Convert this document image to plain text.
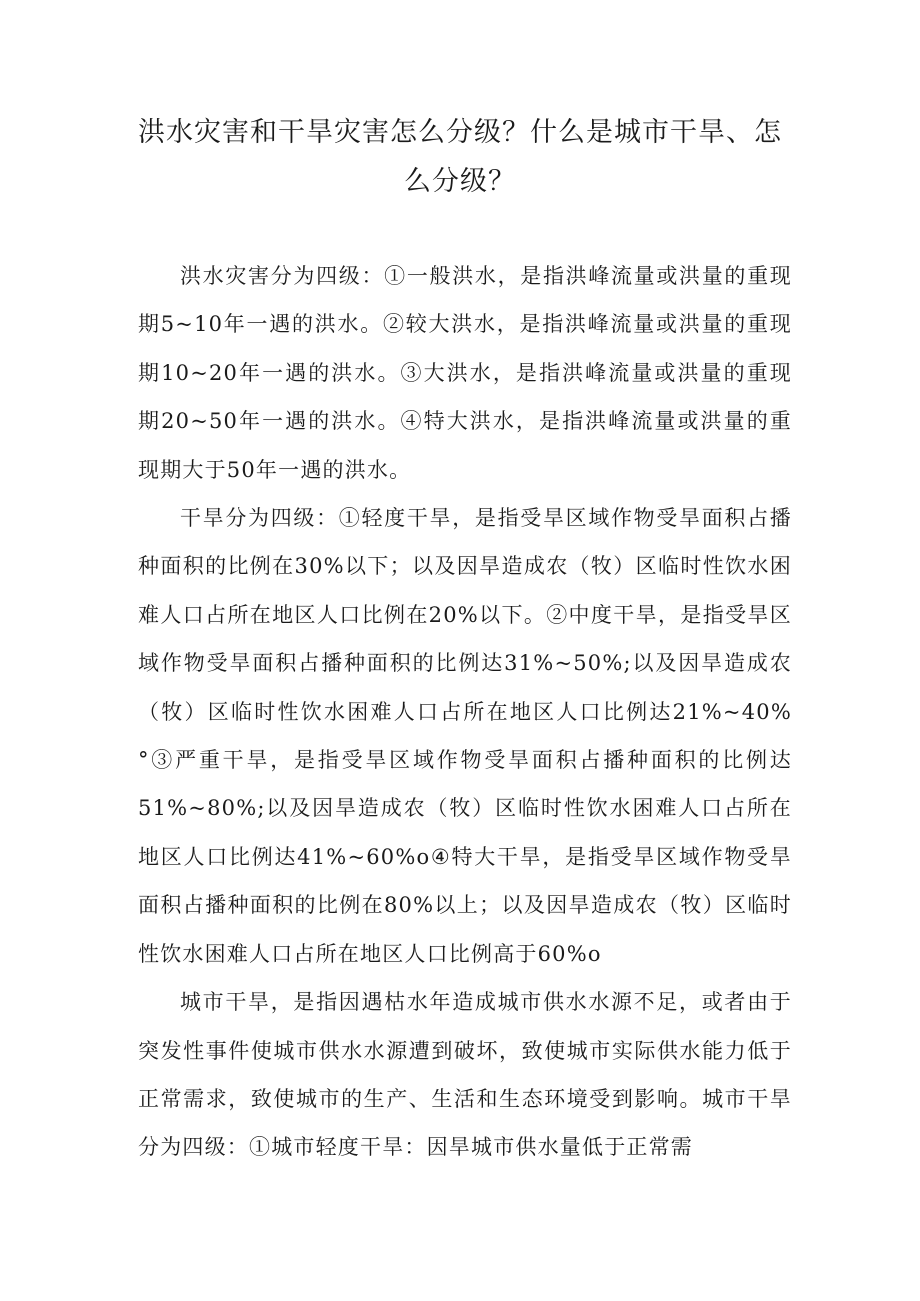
洪水灾害和干旱灾害怎么分级？什么是城市干旱、怎么分级？

洪水灾害分为四级：①一般洪水，是指洪峰流量或洪量的重现期5~10年一遇的洪水。②较大洪水，是指洪峰流量或洪量的重现期10~20年一遇的洪水。③大洪水，是指洪峰流量或洪量的重现期20~50年一遇的洪水。④特大洪水，是指洪峰流量或洪量的重现期大于50年一遇的洪水。

干旱分为四级：①轻度干旱，是指受旱区域作物受旱面积占播种面积的比例在30%以下；以及因旱造成农（牧）区临时性饮水困难人口占所在地区人口比例在20%以下。②中度干旱，是指受旱区域作物受旱面积占播种面积的比例达31%~50%;以及因旱造成农（牧）区临时性饮水困难人口占所在地区人口比例达21%~40%°③严重干旱，是指受旱区域作物受旱面积占播种面积的比例达51%~80%;以及因旱造成农（牧）区临时性饮水困难人口占所在地区人口比例达41%~60%o④特大干旱，是指受旱区域作物受旱面积占播种面积的比例在80%以上；以及因旱造成农（牧）区临时性饮水困难人口占所在地区人口比例高于60%o

城市干旱，是指因遇枯水年造成城市供水水源不足，或者由于突发性事件使城市供水水源遭到破坏，致使城市实际供水能力低于正常需求，致使城市的生产、生活和生态环境受到影响。城市干旱分为四级：①城市轻度干旱：因旱城市供水量低于正常需
